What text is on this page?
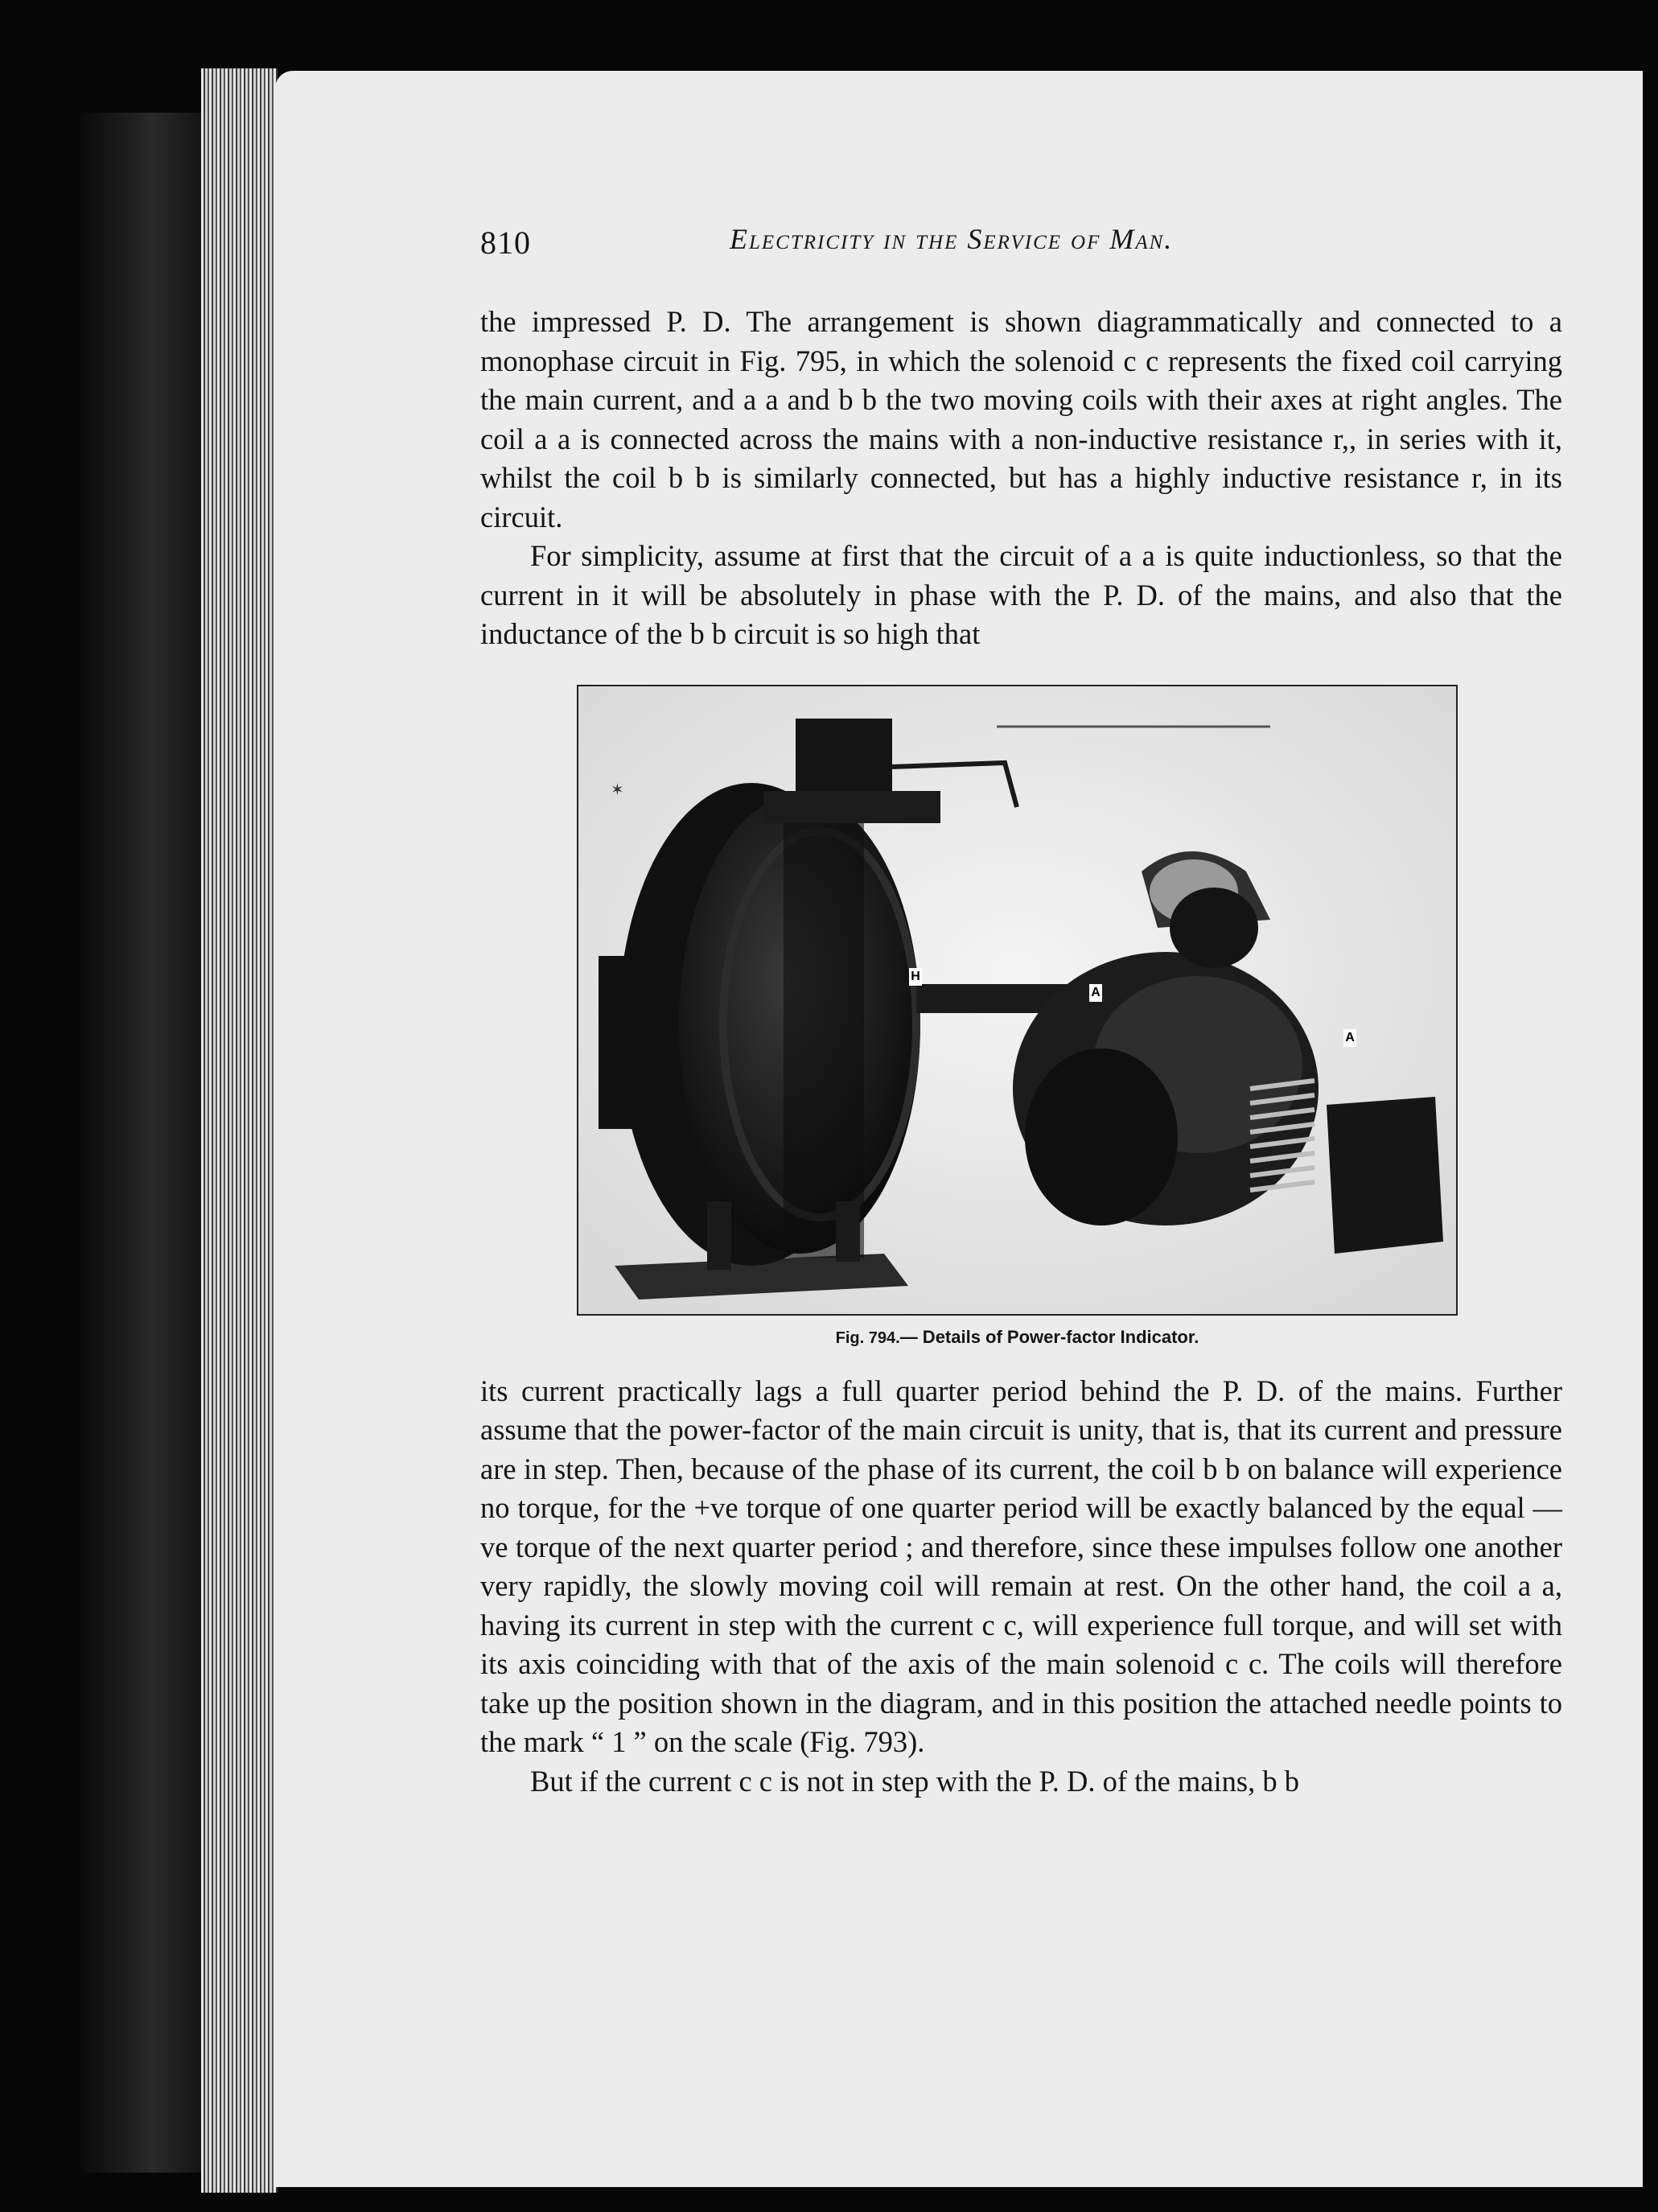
810	Electricity in the Service of Man.

the impressed P. D. The arrangement is shown diagrammatically and connected to a monophase circuit in Fig. 795, in which the solenoid c c represents the fixed coil carrying the main current, and a a and b b the two moving coils with their axes at right angles. The coil a a is connected across the mains with a non-inductive resistance r,, in series with it, whilst the coil b b is similarly connected, but has a highly inductive resistance r, in its circuit.

For simplicity, assume at first that the circuit of a a is quite inductionless, so that the current in it will be absolutely in phase with the P. D. of the mains, and also that the inductance of the b b circuit is so high that

✶
H
A
A
Fig. 794.— Details of Power-factor Indicator.

its current practically lags a full quarter period behind the P. D. of the mains. Further assume that the power-factor of the main circuit is unity, that is, that its current and pressure are in step. Then, because of the phase of its current, the coil b b on balance will experience no torque, for the +ve torque of one quarter period will be exactly balanced by the equal —ve torque of the next quarter period ; and therefore, since these impulses follow one another very rapidly, the slowly moving coil will remain at rest. On the other hand, the coil a a, having its current in step with the current c c, will experience full torque, and will set with its axis coinciding with that of the axis of the main solenoid c c. The coils will therefore take up the position shown in the diagram, and in this position the attached needle points to the mark “ 1 ” on the scale (Fig. 793).

But if the current c c is not in step with the P. D. of the mains, b b
